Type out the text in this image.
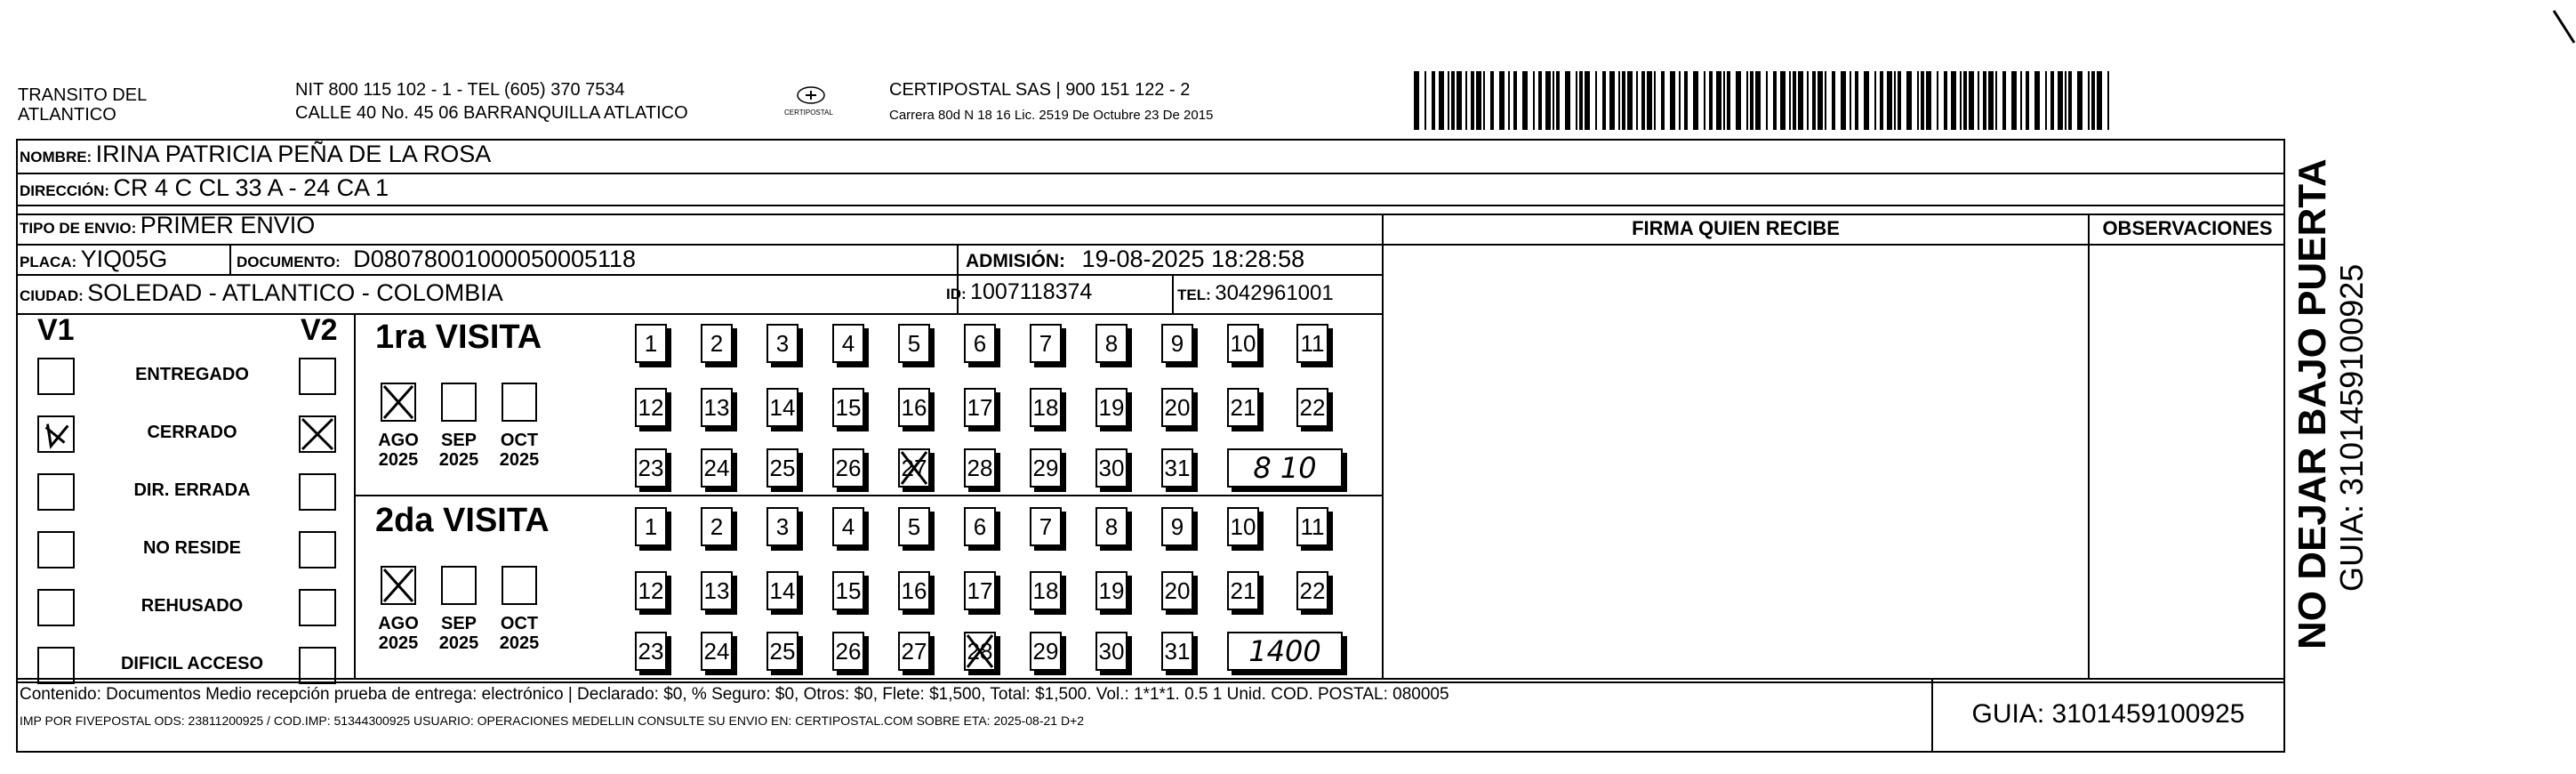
TRANSITO DEL
ATLANTICO
NIT 800 115 102 - 1 - TEL (605) 370 7534
CALLE 40 No. 45 06 BARRANQUILLA ATLATICO	CERTIPOSTAL
CERTIPOSTAL SAS | 900 151 122 - 2
Carrera 80d N 18 16 Lic. 2519 De Octubre 23 De 2015
NOMBRE: IRINA PATRICIA PEÑA DE LA ROSA
DIRECCIÓN: CR 4 C CL 33 A - 24 CA 1
TIPO DE ENVIO: PRIMER ENVIO
PLACA: YIQ05G	DOCUMENTO: D08078001000050005118	ADMISIÓN: 19-08-2025 18:28:58
CIUDAD: SOLEDAD - ATLANTICO - COLOMBIA	ID: 1007118374	TEL: 3042961001
FIRMA QUIEN RECIBE	OBSERVACIONES
V1	V2
ENTREGADO
CERRADO
DIR. ERRADA
NO RESIDE
REHUSADO
DIFICIL ACCESO
1ra VISITA
AGO
2025
SEP
2025
OCT
2025
1	2	3	4	5	6	7	8	9	10 11
12 13 14 15 16 17 18 19 20 21 22
23 24 25 26 27 28 29 30 31	8 10
2da VISITA
AGO
2025
SEP
2025
OCT
2025
1	2	3	4	5	6	7	8	9	10 11
12 13 14 15 16 17 18 19 20 21 22
23 24 25 26 27 28 29 30 31	1400
Contenido: Documentos Medio recepción prueba de entrega: electrónico | Declarado: $0, % Seguro: $0, Otros: $0, Flete: $1,500, Total: $1,500. Vol.: 1*1*1. 0.5 1 Unid. COD. POSTAL: 080005
IMP POR FIVEPOSTAL ODS: 23811200925 / COD.IMP: 51344300925 USUARIO: OPERACIONES MEDELLIN CONSULTE SU ENVIO EN: CERTIPOSTAL.COM SOBRE ETA: 2025-08-21 D+2	GUIA: 3101459100925
NO DEJAR BAJO PUERTA GUIA: 3101459100925
